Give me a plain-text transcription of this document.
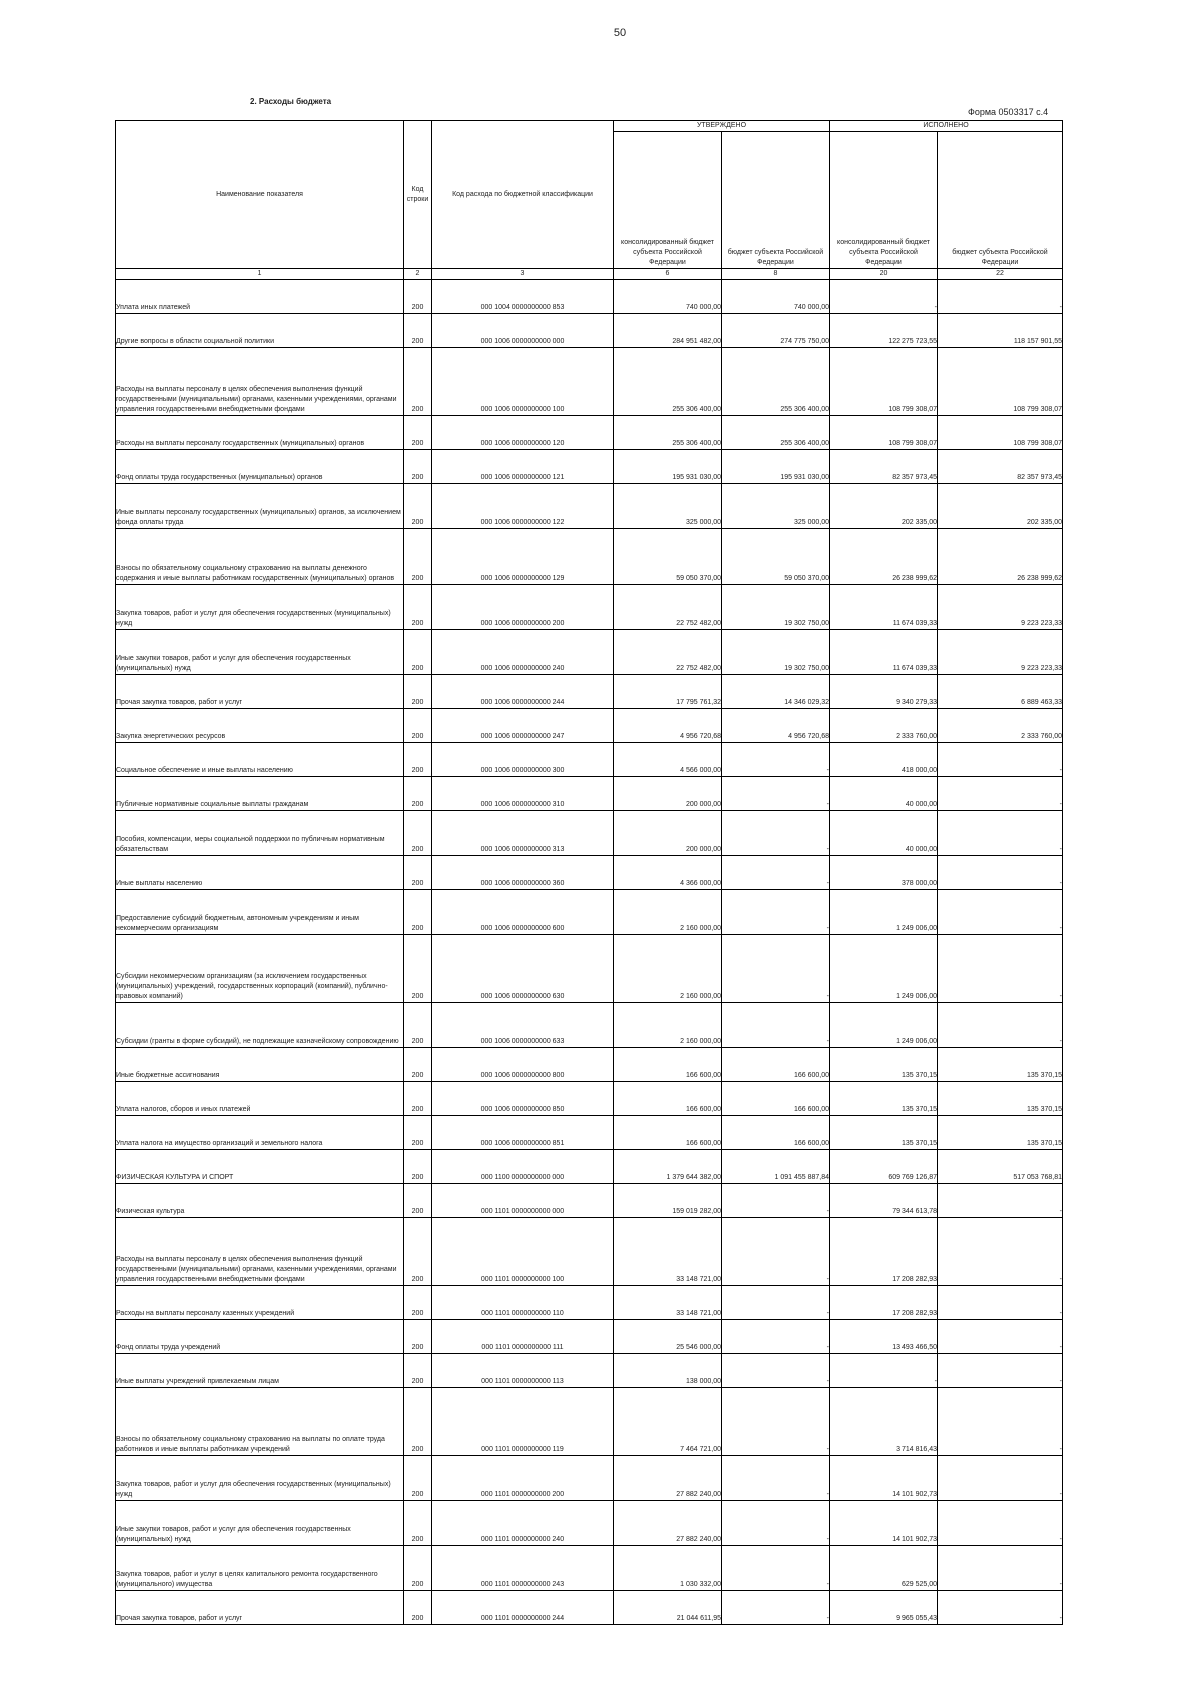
50
2. Расходы бюджета
Форма 0503317 с.4
Наименование показателя	Код строки	Код расхода по бюджетной классификации	УТВЕРЖДЕНО		ИСПОЛНЕНО	
			консолидированный бюджет субъекта Российской Федерации	бюджет субъекта Российской Федерации	консолидированный бюджет субъекта Российской Федерации	бюджет субъекта Российской Федерации
1	2	3	6	8	20	22
Уплата иных платежей	200	000 1004 0000000000 853	740 000,00	740 000,00	-	-
Другие вопросы в области социальной политики	200	000 1006 0000000000 000	284 951 482,00	274 775 750,00	122 275 723,55	118 157 901,55
Расходы на выплаты персоналу в целях обеспечения выполнения функций государственными (муниципальными) органами, казенными учреждениями, органами управления государственными внебюджетными фондами	200	000 1006 0000000000 100	255 306 400,00	255 306 400,00	108 799 308,07	108 799 308,07
Расходы на выплаты персоналу государственных (муниципальных) органов	200	000 1006 0000000000 120	255 306 400,00	255 306 400,00	108 799 308,07	108 799 308,07
Фонд оплаты труда государственных (муниципальных) органов	200	000 1006 0000000000 121	195 931 030,00	195 931 030,00	82 357 973,45	82 357 973,45
Иные выплаты персоналу государственных (муниципальных) органов, за исключением фонда оплаты труда	200	000 1006 0000000000 122	325 000,00	325 000,00	202 335,00	202 335,00
Взносы по обязательному социальному страхованию на выплаты денежного содержания и иные выплаты работникам государственных (муниципальных) органов	200	000 1006 0000000000 129	59 050 370,00	59 050 370,00	26 238 999,62	26 238 999,62
Закупка товаров, работ и услуг для обеспечения государственных (муниципальных) нужд	200	000 1006 0000000000 200	22 752 482,00	19 302 750,00	11 674 039,33	9 223 223,33
Иные закупки товаров, работ и услуг для обеспечения государственных (муниципальных) нужд	200	000 1006 0000000000 240	22 752 482,00	19 302 750,00	11 674 039,33	9 223 223,33
Прочая закупка товаров, работ и услуг	200	000 1006 0000000000 244	17 795 761,32	14 346 029,32	9 340 279,33	6 889 463,33
Закупка энергетических ресурсов	200	000 1006 0000000000 247	4 956 720,68	4 956 720,68	2 333 760,00	2 333 760,00
Социальное обеспечение и иные выплаты населению	200	000 1006 0000000000 300	4 566 000,00	-	418 000,00	-
Публичные нормативные социальные выплаты гражданам	200	000 1006 0000000000 310	200 000,00	-	40 000,00	-
Пособия, компенсации, меры социальной поддержки по публичным нормативным обязательствам	200	000 1006 0000000000 313	200 000,00	-	40 000,00	-
Иные выплаты населению	200	000 1006 0000000000 360	4 366 000,00	-	378 000,00	-
Предоставление субсидий бюджетным, автономным учреждениям и иным некоммерческим организациям	200	000 1006 0000000000 600	2 160 000,00	-	1 249 006,00	-
Субсидии некоммерческим организациям (за исключением государственных (муниципальных) учреждений, государственных корпораций (компаний), публично-правовых компаний)	200	000 1006 0000000000 630	2 160 000,00	-	1 249 006,00	-
Субсидии (гранты в форме субсидий), не подлежащие казначейскому сопровождению	200	000 1006 0000000000 633	2 160 000,00	-	1 249 006,00	-
Иные бюджетные ассигнования	200	000 1006 0000000000 800	166 600,00	166 600,00	135 370,15	135 370,15
Уплата налогов, сборов и иных платежей	200	000 1006 0000000000 850	166 600,00	166 600,00	135 370,15	135 370,15
Уплата налога на имущество организаций и земельного налога	200	000 1006 0000000000 851	166 600,00	166 600,00	135 370,15	135 370,15
ФИЗИЧЕСКАЯ КУЛЬТУРА И СПОРТ	200	000 1100 0000000000 000	1 379 644 382,00	1 091 455 887,84	609 769 126,87	517 053 768,81
Физическая культура	200	000 1101 0000000000 000	159 019 282,00	-	79 344 613,78	-
Расходы на выплаты персоналу в целях обеспечения выполнения функций государственными (муниципальными) органами, казенными учреждениями, органами управления государственными внебюджетными фондами	200	000 1101 0000000000 100	33 148 721,00	-	17 208 282,93	-
Расходы на выплаты персоналу казенных учреждений	200	000 1101 0000000000 110	33 148 721,00	-	17 208 282,93	-
Фонд оплаты труда учреждений	200	000 1101 0000000000 111	25 546 000,00	-	13 493 466,50	-
Иные выплаты учреждений привлекаемым лицам	200	000 1101 0000000000 113	138 000,00	-	-	-
Взносы по обязательному социальному страхованию на выплаты по оплате труда работников и иные выплаты работникам учреждений	200	000 1101 0000000000 119	7 464 721,00	-	3 714 816,43	-
Закупка товаров, работ и услуг для обеспечения государственных (муниципальных) нужд	200	000 1101 0000000000 200	27 882 240,00	-	14 101 902,73	-
Иные закупки товаров, работ и услуг для обеспечения государственных (муниципальных) нужд	200	000 1101 0000000000 240	27 882 240,00	-	14 101 902,73	-
Закупка товаров, работ и услуг в целях капитального ремонта государственного (муниципального) имущества	200	000 1101 0000000000 243	1 030 332,00	-	629 525,00	-
Прочая закупка товаров, работ и услуг	200	000 1101 0000000000 244	21 044 611,95	-	9 965 055,43	-
